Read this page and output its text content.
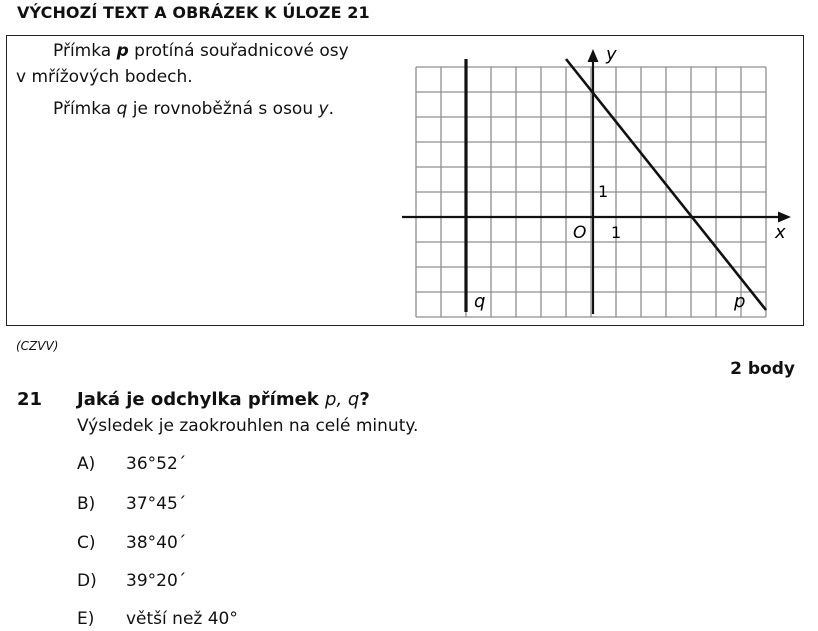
VÝCHOZÍ TEXT A OBRÁZEK K ÚLOZE 21
Přímka p protíná souřadnicové osy
v mřížových bodech.
Přímka q je rovnoběžná s osou y.
y
x
O 1
1
p
q
(CZVV)
2 body
21 Jaká je odchylka přímek p, q?
Výsledek je zaokrouhlen na celé minuty.
A) 36°52´
B) 37°45´
C) 38°40´
D) 39°20´
E) větší než 40°
